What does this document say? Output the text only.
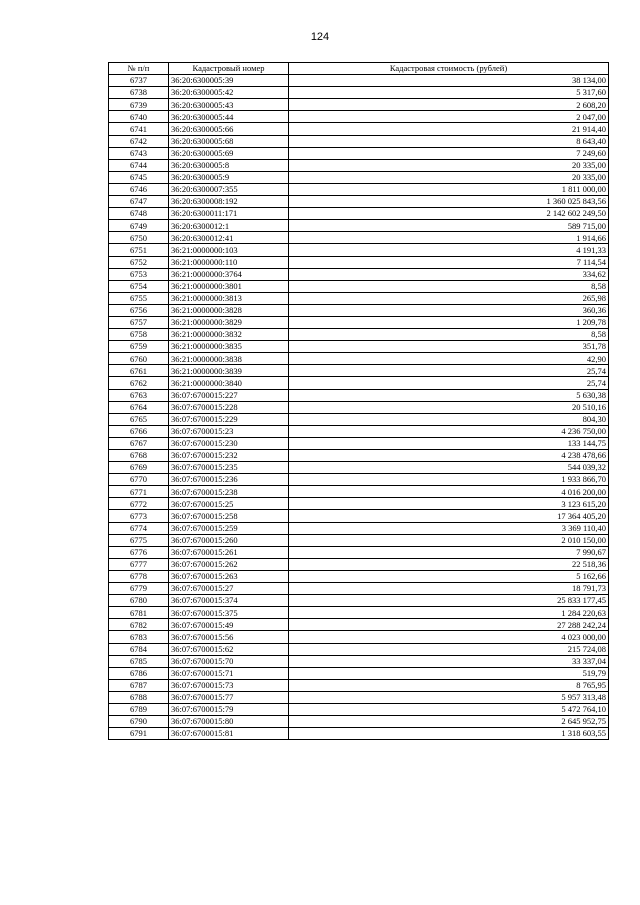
124
№ п/п	Кадастровый номер	Кадастровая стоимость (рублей)
6737	36:20:6300005:39	38 134,00
6738	36:20:6300005:42	5 317,60
6739	36:20:6300005:43	2 608,20
6740	36:20:6300005:44	2 047,00
6741	36:20:6300005:66	21 914,40
6742	36:20:6300005:68	8 643,40
6743	36:20:6300005:69	7 249,60
6744	36:20:6300005:8	20 335,00
6745	36:20:6300005:9	20 335,00
6746	36:20:6300007:355	1 811 000,00
6747	36:20:6300008:192	1 360 025 843,56
6748	36:20:6300011:171	2 142 602 249,50
6749	36:20:6300012:1	589 715,00
6750	36:20:6300012:41	1 914,66
6751	36:21:0000000:103	4 191,33
6752	36:21:0000000:110	7 114,54
6753	36:21:0000000:3764	334,62
6754	36:21:0000000:3801	8,58
6755	36:21:0000000:3813	265,98
6756	36:21:0000000:3828	360,36
6757	36:21:0000000:3829	1 209,78
6758	36:21:0000000:3832	8,58
6759	36:21:0000000:3835	351,78
6760	36:21:0000000:3838	42,90
6761	36:21:0000000:3839	25,74
6762	36:21:0000000:3840	25,74
6763	36:07:6700015:227	5 630,38
6764	36:07:6700015:228	20 510,16
6765	36:07:6700015:229	804,30
6766	36:07:6700015:23	4 236 750,00
6767	36:07:6700015:230	133 144,75
6768	36:07:6700015:232	4 238 478,66
6769	36:07:6700015:235	544 039,32
6770	36:07:6700015:236	1 933 866,70
6771	36:07:6700015:238	4 016 200,00
6772	36:07:6700015:25	3 123 615,20
6773	36:07:6700015:258	17 364 405,20
6774	36:07:6700015:259	3 369 110,40
6775	36:07:6700015:260	2 010 150,00
6776	36:07:6700015:261	7 990,67
6777	36:07:6700015:262	22 518,36
6778	36:07:6700015:263	5 162,66
6779	36:07:6700015:27	18 791,73
6780	36:07:6700015:374	25 833 177,45
6781	36:07:6700015:375	1 284 220,63
6782	36:07:6700015:49	27 288 242,24
6783	36:07:6700015:56	4 023 000,00
6784	36:07:6700015:62	215 724,08
6785	36:07:6700015:70	33 337,04
6786	36:07:6700015:71	519,79
6787	36:07:6700015:73	8 765,95
6788	36:07:6700015:77	5 957 313,48
6789	36:07:6700015:79	5 472 764,10
6790	36:07:6700015:80	2 645 952,75
6791	36:07:6700015:81	1 318 603,55
